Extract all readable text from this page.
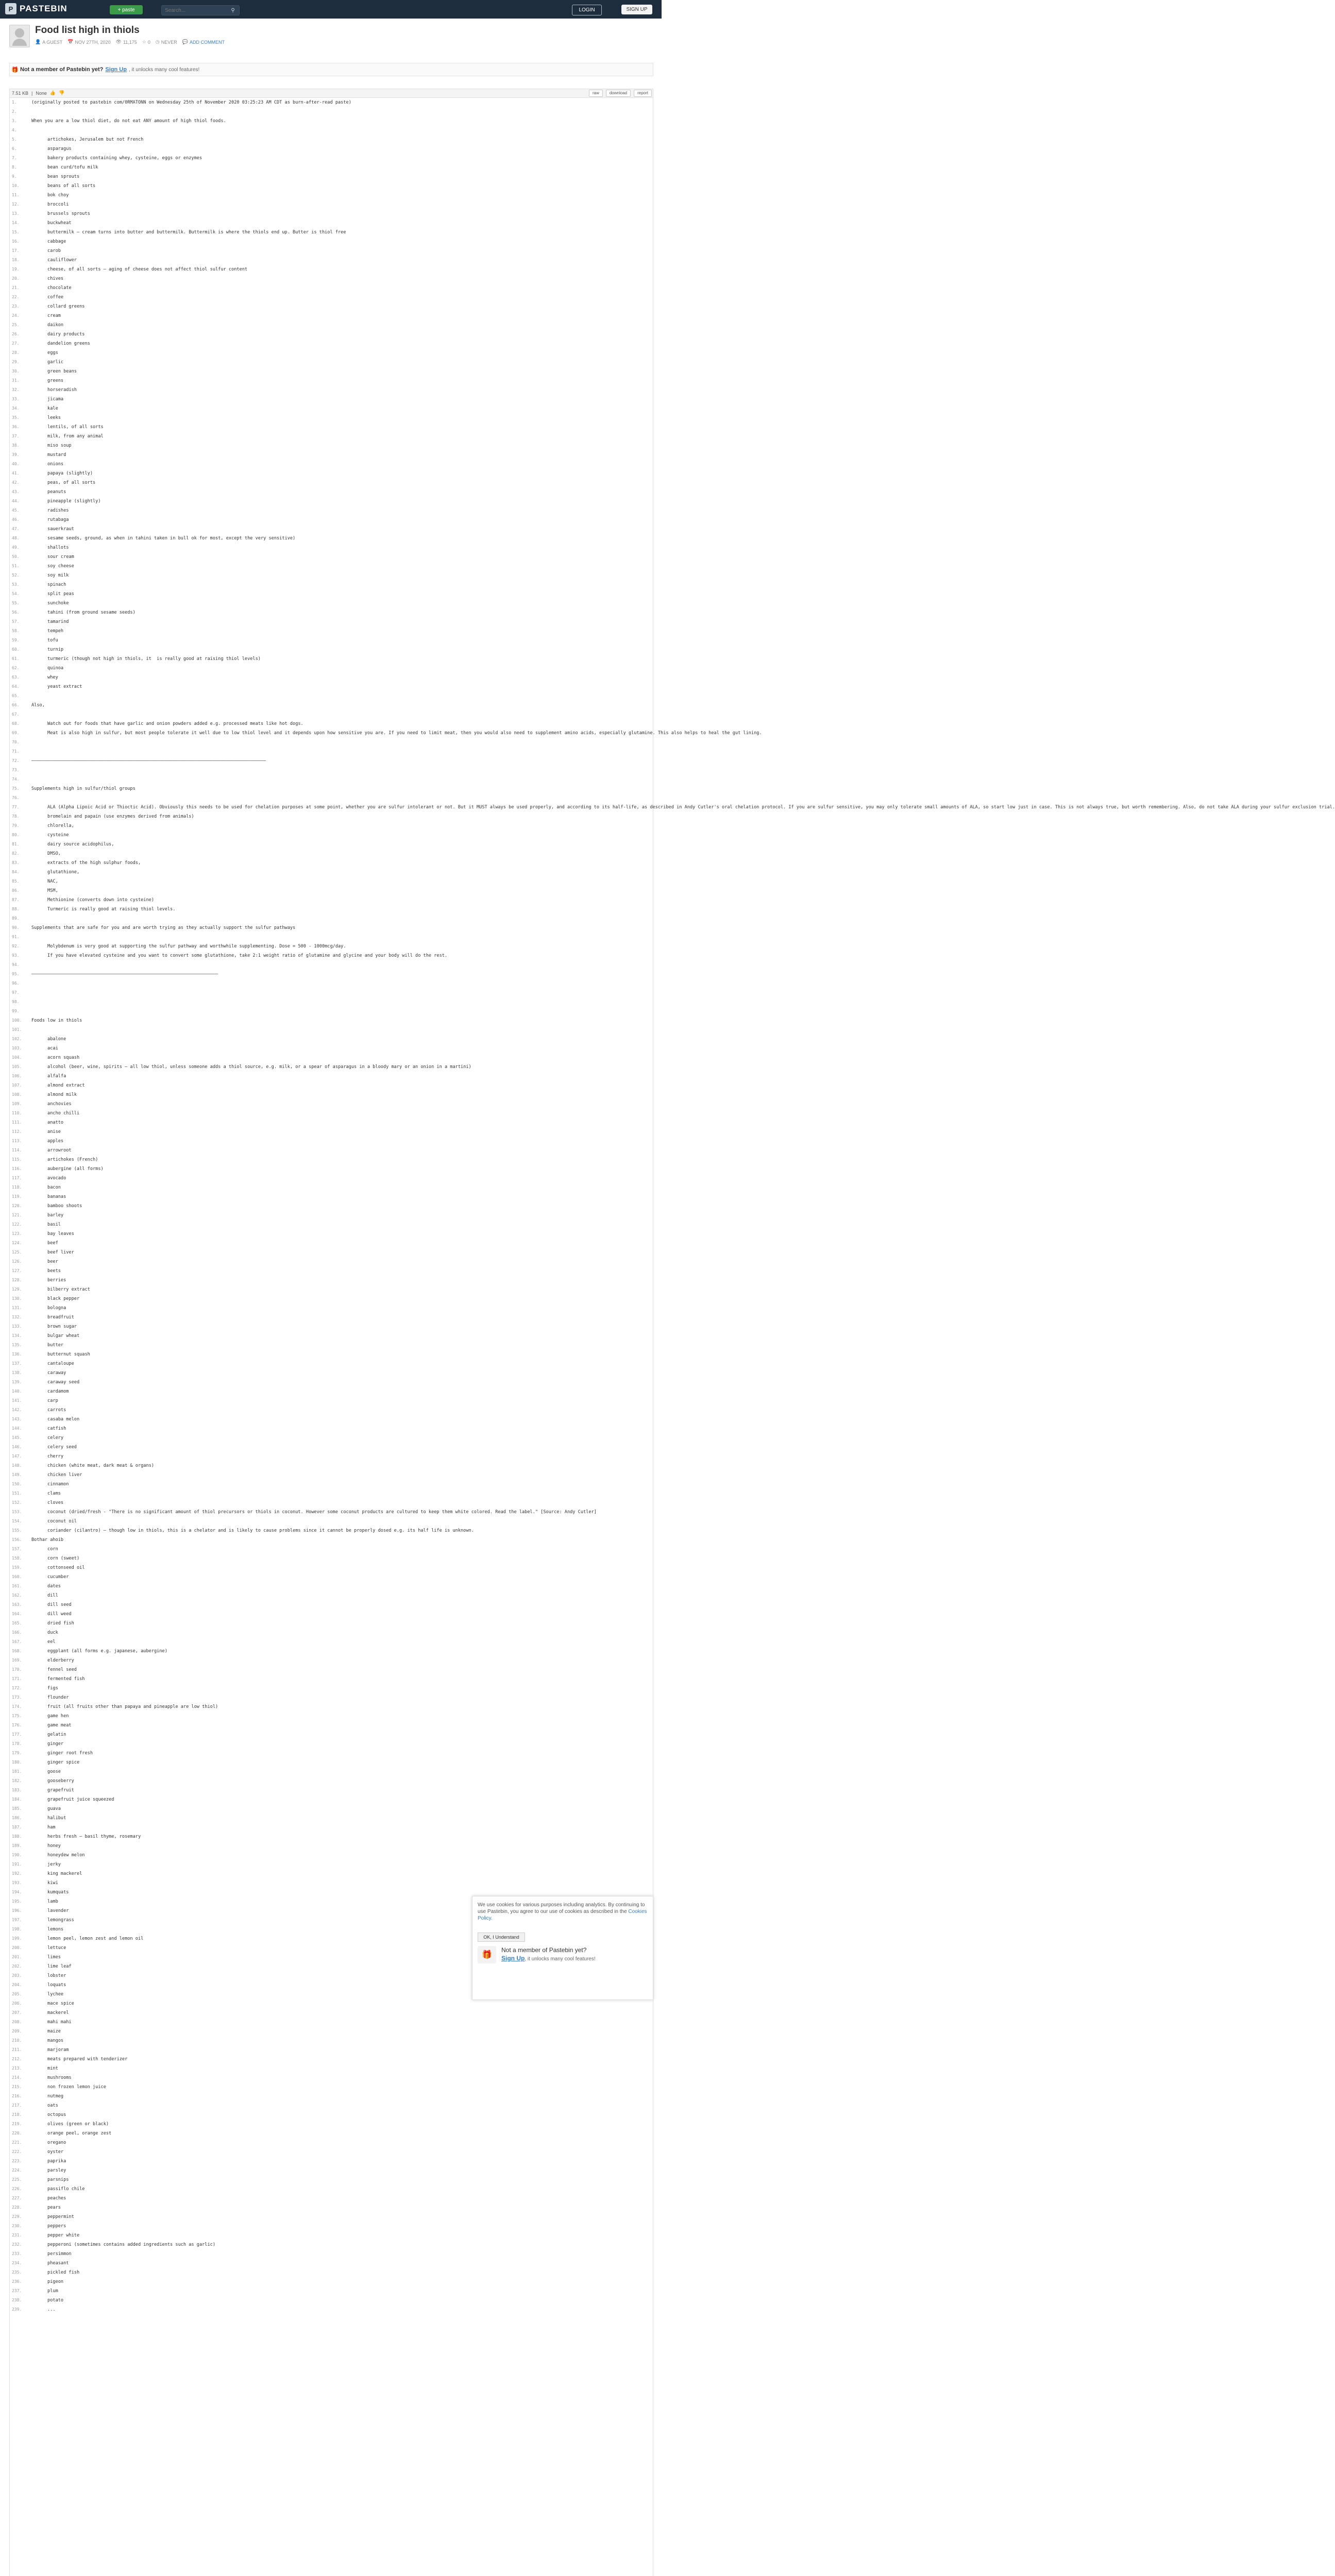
P PASTEBIN	+ paste
Search...	⚲	LOGIN	SIGN UP
Food list high in thiols
👤 A GUEST 📅 NOV 27TH, 2020 👁 11,175 ☆ 0 ◷ NEVER 💬 ADD COMMENT
🎁 Not a member of Pastebin yet? Sign Up , it unlocks many cool features!
7.51 KB | None 👍 👎	raw	download	report
1.	(originally posted to pastebin com/0RMATONN on Wednesday 25th of November 2020 03:25:23 AM CDT as burn-after-read paste)
2.
3.	When you are a low thiol diet, do not eat ANY amount of high thiol foods.
4.
5.	artichokes, Jerusalem but not French
6.	asparagus
7.	bakery products containing whey, cysteine, eggs or enzymes
8.	bean curd/tofu milk
9.	bean sprouts
10.	beans of all sorts
11.	bok choy
12.	broccoli
13.	brussels sprouts
14.	buckwheat
15.	buttermilk — cream turns into butter and buttermilk. Buttermilk is where the thiols end up. Butter is thiol free
16.	cabbage
17.	carob
18.	cauliflower
19.	cheese, of all sorts — aging of cheese does not affect thiol sulfur content
20.	chives
21.	chocolate
22.	coffee
23.	collard greens
24.	cream
25.	daikon
26.	dairy products
27.	dandelion greens
28.	eggs
29.	garlic
30.	green beans
31.	greens
32.	horseradish
33.	jicama
34.	kale
35.	leeks
36.	lentils, of all sorts
37.	milk, from any animal
38.	miso soup
39.	mustard
40.	onions
41.	papaya (slightly)
42.	peas, of all sorts
43.	peanuts
44.	pineapple (slightly)
45.	radishes
46.	rutabaga
47.	sauerkraut
48.	sesame seeds, ground, as when in tahini taken in bull ok for most, except the very sensitive)
49.	shallots
50.	sour cream
51.	soy cheese
52.	soy milk
53.	spinach
54.	split peas
55.	sunchoke
56.	tahini (from ground sesame seeds)
57.	tamarind
58.	tempeh
59.	tofu
60.	turnip
61.	turmeric (though not high in thiols, it  is really good at raising thiol levels)
62.	quinoa
63.	whey
64.	yeast extract
65.
66.	Also,
67.
68.	Watch out for foods that have garlic and onion powders added e.g. processed meats like hot dogs.
69.	Meat is also high in sulfur, but most people tolerate it well due to low thiol level and it depends upon how sensitive you are. If you need to limit meat, then you would also need to supplement amino acids, especially glutamine. This also helps to heal the gut lining.
70.
71.
72.	————————————————————————————————————————————————————————————————————————————————————————
73.
74.
75.	Supplements high in sulfur/thiol groups
76.
77.	ALA (Alpha Lipoic Acid or Thioctic Acid). Obviously this needs to be used for chelation purposes at some point, whether you are sulfur intolerant or not. But it MUST always be used properly, and according to its half-life, as described in Andy Cutler's oral chelation protocol. If you are sulfur sensitive, you may only tolerate small amounts of ALA, so start low just in case. This is not always true, but worth remembering. Also, do not take ALA during your sulfur exclusion trial.
78.	bromelain and papain (use enzymes derived from animals)
79.	chlorella,
80.	cysteine
81.	dairy source acidophilus,
82.	DMSO,
83.	extracts of the high sulphur foods,
84.	glutathione,
85.	NAC,
86.	MSM,
87.	Methionine (converts down into cysteine)
88.	Turmeric is really good at raising thiol levels.
89.
90.	Supplements that are safe for you and are worth trying as they actually support the sulfur pathways
91.
92.	Molybdenum is very good at supporting the sulfur pathway and worthwhile supplementing. Dose = 500 - 1000mcg/day.
93.	If you have elevated cysteine and you want to convert some glutathione, take 2:1 weight ratio of glutamine and glycine and your body will do the rest.
94.
95.	——————————————————————————————————————————————————————————————————————
96.
97.
98.
99.
100.	Foods low in thiols
101.
102.	abalone
103.	acai
104.	acorn squash
105.	alcohol (beer, wine, spirits — all low thiol, unless someone adds a thiol source, e.g. milk, or a spear of asparagus in a bloody mary or an onion in a martini)
106.	alfalfa
107.	almond extract
108.	almond milk
109.	anchovies
110.	ancho chilli
111.	anatto
112.	anise
113.	apples
114.	arrowroot
115.	artichokes (French)
116.	aubergine (all forms)
117.	avocado
118.	bacon
119.	bananas
120.	bamboo shoots
121.	barley
122.	basil
123.	bay leaves
124.	beef
125.	beef liver
126.	beer
127.	beets
128.	berries
129.	bilberry extract
130.	black pepper
131.	bologna
132.	breadfruit
133.	brown sugar
134.	bulgar wheat
135.	butter
136.	butternut squash
137.	cantaloupe
138.	caraway
139.	caraway seed
140.	cardamom
141.	carp
142.	carrots
143.	casaba melon
144.	catfish
145.	celery
146.	celery seed
147.	cherry
148.	chicken (white meat, dark meat & organs)
149.	chicken liver
150.	cinnamon
151.	clams
152.	cloves
153.	coconut (dried/fresh - "There is no significant amount of thiol precursors or thiols in coconut. However some coconut products are cultured to keep them white colored. Read the label." [Source: Andy Cutler]
154.	coconut oil
155.	coriander (cilantro) — though low in thiols, this is a chelator and is likely to cause problems since it cannot be properly dosed e.g. its half life is unknown.
156.	Bothar ahoib
157.	corn
158.	corn (sweet)
159.	cottonseed oil
160.	cucumber
161.	dates
162.	dill
163.	dill seed
164.	dill weed
165.	dried fish
166.	duck
167.	eel
168.	eggplant (all forms e.g. japanese, aubergine)
169.	elderberry
170.	fennel seed
171.	fermented fish
172.	figs
173.	flounder
174.	fruit (all fruits other than papaya and pineapple are low thiol)
175.	game hen
176.	game meat
177.	gelatin
178.	ginger
179.	ginger root fresh
180.	ginger spice
181.	goose
182.	gooseberry
183.	grapefruit
184.	grapefruit juice squeezed
185.	guava
186.	halibut
187.	ham
188.	herbs fresh — basil thyme, rosemary
189.	honey
190.	honeydew melon
191.	jerky
192.	king mackerel
193.	kiwi
194.	kumquats
195.	lamb
196.	lavender
197.	lemongrass
198.	lemons
199.	lemon peel, lemon zest and lemon oil
200.	lettuce
201.	limes
202.	lime leaf
203.	lobster
204.	loquats
205.	lychee
206.	mace spice
207.	mackerel
208.	mahi mahi
209.	maize
210.	mangos
211.	marjoram
212.	meats prepared with tenderizer
213.	mint
214.	mushrooms
215.	non frozen lemon juice
216.	nutmeg
217.	oats
218.	octopus
219.	olives (green or black)
220.	orange peel, orange zest
221.	oregano
222.	oyster
223.	paprika
224.	parsley
225.	parsnips
226.	passiflo chile
227.	peaches
228.	pears
229.	peppermint
230.	peppers
231.	pepper white
232.	pepperoni (sometimes contains added ingredients such as garlic)
233.	persimmon
234.	pheasant
235.	pickled fish
236.	pigeon
237.	plum
238.	potato
239.	...
We use cookies for various purposes including analytics. By continuing to use Pastebin, you agree to our use of cookies as described in the Cookies Policy.
OK, I Understand
🎁
Not a member of Pastebin yet?
Sign Up, it unlocks many cool features!
